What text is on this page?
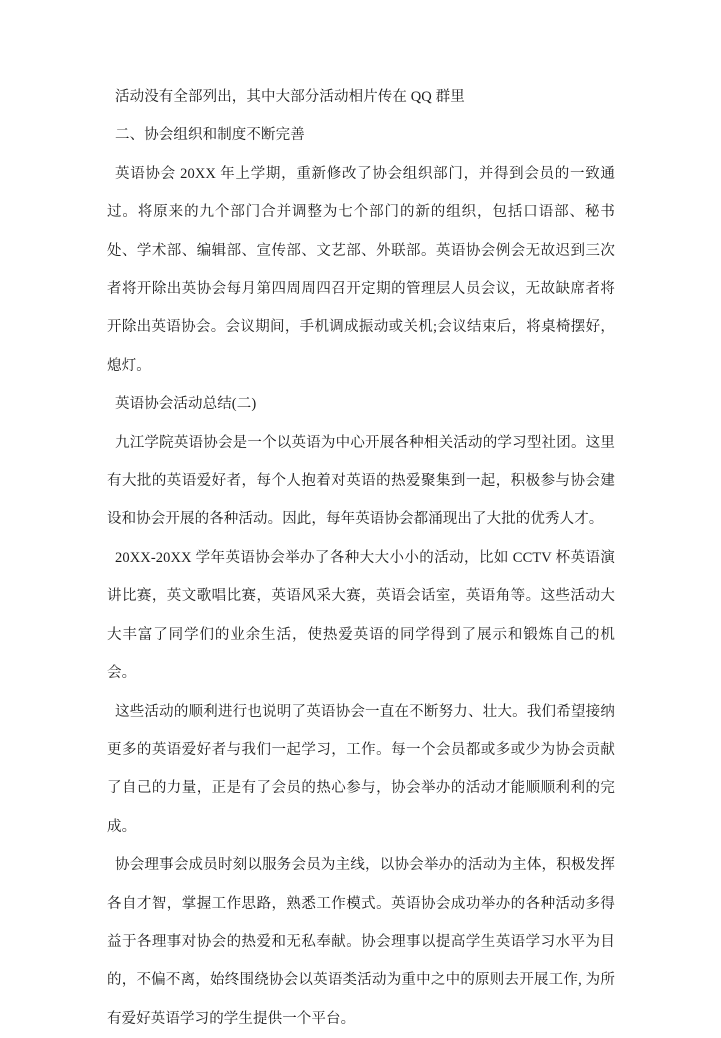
活动没有全部列出，其中大部分活动相片传在 QQ 群里

二、协会组织和制度不断完善

英语协会 20XX 年上学期，重新修改了协会组织部门，并得到会员的一致通过。将原来的九个部门合并调整为七个部门的新的组织，包括口语部、秘书处、学术部、编辑部、宣传部、文艺部、外联部。英语协会例会无故迟到三次者将开除出英协会每月第四周周四召开定期的管理层人员会议，无故缺席者将开除出英语协会。会议期间，手机调成振动或关机;会议结束后，将桌椅摆好，熄灯。

英语协会活动总结(二)

九江学院英语协会是一个以英语为中心开展各种相关活动的学习型社团。这里有大批的英语爱好者，每个人抱着对英语的热爱聚集到一起，积极参与协会建设和协会开展的各种活动。因此，每年英语协会都涌现出了大批的优秀人才。

20XX-20XX 学年英语协会举办了各种大大小小的活动，比如 CCTV 杯英语演讲比赛，英文歌唱比赛，英语风采大赛，英语会话室，英语角等。这些活动大大丰富了同学们的业余生活，使热爱英语的同学得到了展示和锻炼自己的机会。

这些活动的顺利进行也说明了英语协会一直在不断努力、壮大。我们希望接纳更多的英语爱好者与我们一起学习，工作。每一个会员都或多或少为协会贡献了自己的力量，正是有了会员的热心参与，协会举办的活动才能顺顺利利的完成。

协会理事会成员时刻以服务会员为主线，以协会举办的活动为主体，积极发挥各自才智，掌握工作思路，熟悉工作模式。英语协会成功举办的各种活动多得益于各理事对协会的热爱和无私奉献。协会理事以提高学生英语学习水平为目的，不偏不离，始终围绕协会以英语类活动为重中之中的原则去开展工作, 为所有爱好英语学习的学生提供一个平台。
